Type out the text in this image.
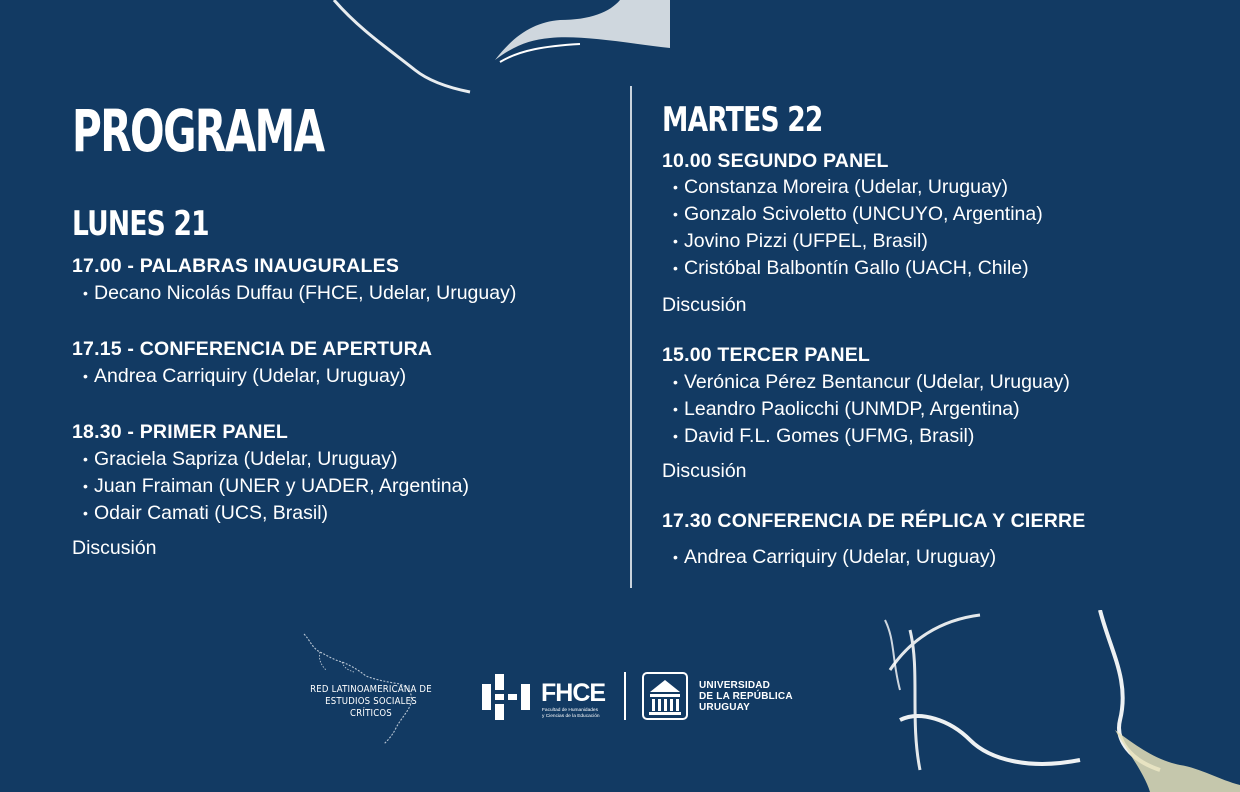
PROGRAMA
LUNES 21
17.00 - PALABRAS INAUGURALES
• Decano Nicolás Duffau (FHCE, Udelar, Uruguay)
17.15 - CONFERENCIA DE APERTURA
• Andrea Carriquiry (Udelar, Uruguay)
18.30 - PRIMER PANEL
• Graciela Sapriza (Udelar, Uruguay)
• Juan Fraiman (UNER y UADER, Argentina)
• Odair Camati (UCS, Brasil)
Discusión
MARTES 22
10.00 SEGUNDO PANEL
• Constanza Moreira (Udelar, Uruguay)
• Gonzalo Scivoletto (UNCUYO, Argentina)
• Jovino Pizzi (UFPEL, Brasil)
• Cristóbal Balbontín Gallo (UACH, Chile)
Discusión
15.00 TERCER PANEL
• Verónica Pérez Bentancur (Udelar, Uruguay)
• Leandro Paolicchi (UNMDP, Argentina)
• David F.L. Gomes (UFMG, Brasil)
Discusión
17.30 CONFERENCIA DE RÉPLICA Y CIERRE
• Andrea Carriquiry (Udelar, Uruguay)
RED LATINOAMERICANA DE
ESTUDIOS SOCIALES CRÍTICOS
FHCE
Facultad de Humanidades
y Ciencias de la Educación
UNIVERSIDAD
DE LA REPÚBLICA
URUGUAY
